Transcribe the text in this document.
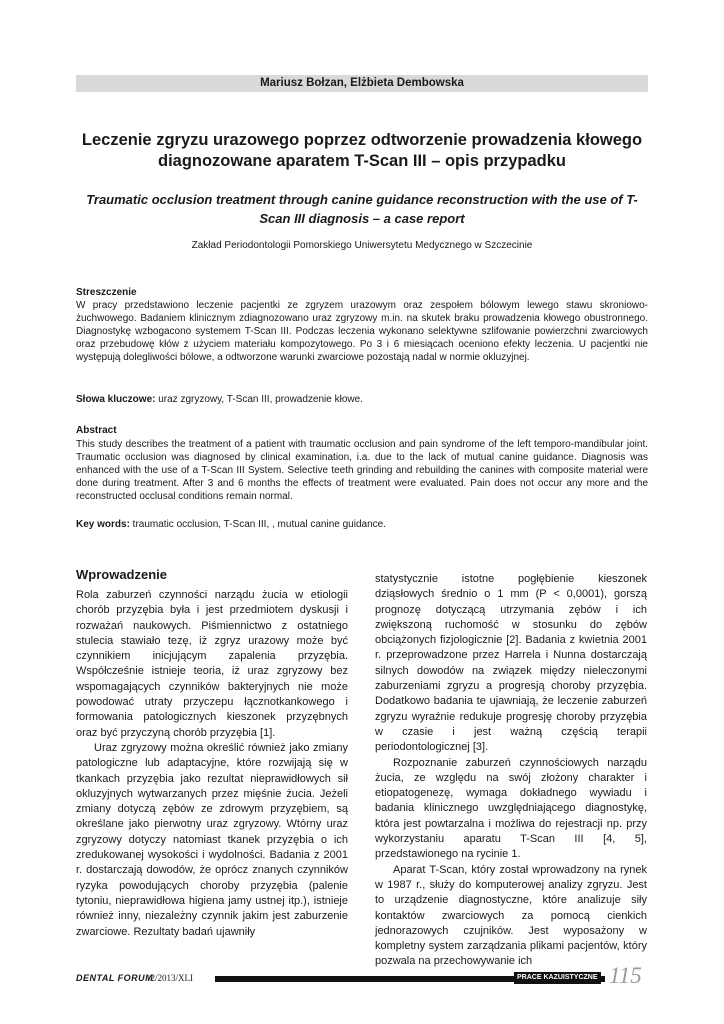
Mariusz Bołzan, Elżbieta Dembowska
Leczenie zgryzu urazowego poprzez odtworzenie prowadzenia kłowego diagnozowane aparatem T-Scan III – opis przypadku
Traumatic occlusion treatment through canine guidance reconstruction with the use of T-Scan III diagnosis – a case report
Zakład Periodontologii Pomorskiego Uniwersytetu Medycznego w Szczecinie
Streszczenie
W pracy przedstawiono leczenie pacjentki ze zgryzem urazowym oraz zespołem bólowym lewego stawu skroniowo-żuchwowego. Badaniem klinicznym zdiagnozowano uraz zgryzowy m.in. na skutek braku prowadzenia kłowego obustronnego. Diagnostykę wzbogacono systemem T-Scan III. Podczas leczenia wykonano selektywne szlifowanie powierzchni zwarciowych oraz przebudowę kłów z użyciem materiału kompozytowego. Po 3 i 6 miesiącach oceniono efekty leczenia. U pacjentki nie występują dolegliwości bólowe, a odtworzone warunki zwarciowe pozostają nadal w normie okluzyjnej.
Słowa kluczowe: uraz zgryzowy, T-Scan III, prowadzenie kłowe.
Abstract
This study describes the treatment of a patient with traumatic occlusion and pain syndrome of the left temporo-mandibular joint. Traumatic occlusion was diagnosed by clinical examination, i.a. due to the lack of mutual canine guidance. Diagnosis was enhanced with the use of a T-Scan III System. Selective teeth grinding and rebuilding the canines with composite material were done during treatment. After 3 and 6 months the effects of treatment were evaluated. Pain does not occur any more and the reconstructed occlusal conditions remain normal.
Key words: traumatic occlusion, T-Scan III, , mutual canine guidance.
Wprowadzenie

Rola zaburzeń czynności narządu żucia w etiologii chorób przyzębia była i jest przedmiotem dyskusji i rozważań naukowych. Piśmiennictwo z ostatniego stulecia stawiało tezę, iż zgryz urazowy może być czynnikiem inicjującym zapalenia przyzębia. Współcześnie istnieje teoria, iż uraz zgryzowy bez wspomagających czynników bakteryjnych nie może powodować utraty przyczepu łącznotkankowego i formowania patologicznych kieszonek przyzębnych oraz być przyczyną chorób przyzębia [1].

Uraz zgryzowy można określić również jako zmiany patologiczne lub adaptacyjne, które rozwijają się w tkankach przyzębia jako rezultat nieprawidłowych sił okluzyjnych wytwarzanych przez mięśnie żucia. Jeżeli zmiany dotyczą zębów ze zdrowym przyzębiem, są określane jako pierwotny uraz zgryzowy. Wtórny uraz zgryzowy dotyczy natomiast tkanek przyzębia o ich zredukowanej wysokości i wydolności. Badania z 2001 r. dostarczają dowodów, że oprócz znanych czynników ryzyka powodujących choroby przyzębia (palenie tytoniu, nieprawidłowa higiena jamy ustnej itp.), istnieje również inny, niezależny czynnik jakim jest zaburzenie zwarciowe. Rezultaty badań ujawniły

statystycznie istotne pogłębienie kieszonek dziąsłowych średnio o 1 mm (P < 0,0001), gorszą prognozę dotyczącą utrzymania zębów i ich zwiększoną ruchomość w stosunku do zębów obciążonych fizjologicznie [2]. Badania z kwietnia 2001 r. przeprowadzone przez Harrela i Nunna dostarczają silnych dowodów na związek między nieleczonymi zaburzeniami zgryzu a progresją choroby przyzębia. Dodatkowo badania te ujawniają, że leczenie zaburzeń zgryzu wyraźnie redukuje progresję choroby przyzębia w czasie i jest ważną częścią terapii periodontologicznej [3].

Rozpoznanie zaburzeń czynnościowych narządu żucia, ze względu na swój złożony charakter i etiopatogenezę, wymaga dokładnego wywiadu i badania klinicznego uwzględniającego diagnostykę, która jest powtarzalna i możliwa do rejestracji np. przy wykorzystaniu aparatu T-Scan III [4, 5], przedstawionego na rycinie 1.

Aparat T-Scan, który został wprowadzony na rynek w 1987 r., służy do komputerowej analizy zgryzu. Jest to urządzenie diagnostyczne, które analizuje siły kontaktów zwarciowych za pomocą cienkich jednorazowych czujników. Jest wyposażony w kompletny system zarządzania plikami pacjentów, który pozwala na przechowywanie ich

DENTAL FORUM
/2/2013/XLI	PRACE KAZUISTYCZNE 115
